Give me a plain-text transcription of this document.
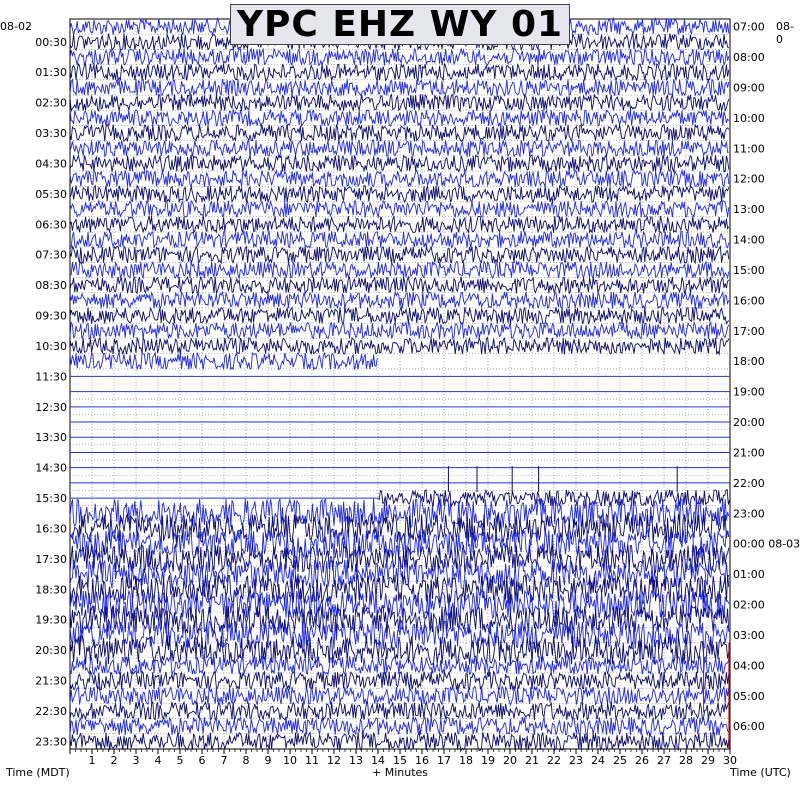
00:30
01:30
02:30
03:30
04:30
05:30
06:30
07:30
08:30
09:30
10:30
11:30
12:30
13:30
14:30
15:30
16:30
17:30
18:30
19:30
20:30
21:30
22:30
23:30
07:00
08:00
09:00
10:00
11:00
12:00
13:00
14:00
15:00
16:00
17:00
18:00
19:00
20:00
21:00
22:00
23:00
00:00 08-03
01:00
02:00
03:00
04:00
05:00
06:00
1 2 3 4 5 6 7 8 9 10 11 12 13 14 15 16 17 18 19 20 21 22 23 24 25 26 27 28 29 30
YPC EHZ WY 01
08-02	08-0
Time (MDT)	+ Minutes	Time (UTC)
